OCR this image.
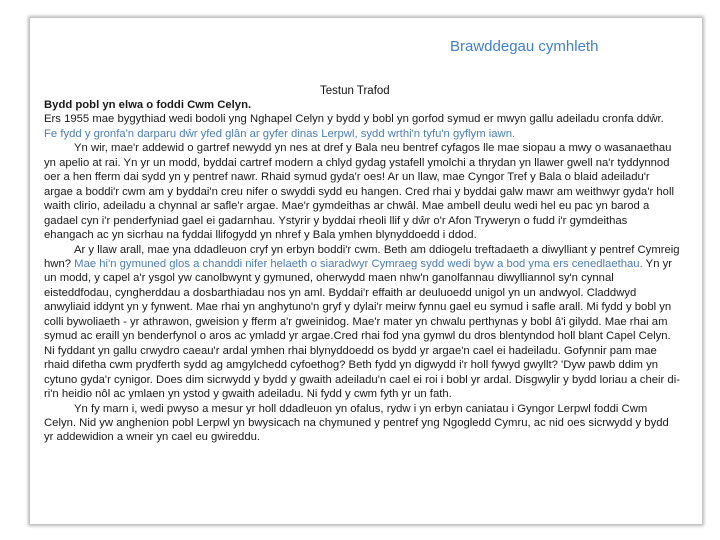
Brawddegau cymhleth
Testun Trafod

Bydd pobl yn elwa o foddi Cwm Celyn.

Ers 1955 mae bygythiad wedi bodoli yng Nghapel Celyn y bydd y bobl yn gorfod symud er mwyn gallu adeiladu cronfa ddŵr. Fe fydd y gronfa'n darparu dŵr yfed glân ar gyfer dinas Lerpwl, sydd wrthi'n tyfu'n gyflym iawn.

Yn wir, mae'r addewid o gartref newydd yn nes at dref y Bala neu bentref cyfagos lle mae siopau a mwy o wasanaethau yn apelio at rai. Yn yr un modd, byddai cartref modern a chlyd gydag ystafell ymolchi a thrydan yn llawer gwell na'r tyddynnod oer a hen fferm dai sydd yn y pentref nawr. Rhaid symud gyda'r oes! Ar un llaw, mae Cyngor Tref y Bala o blaid adeiladu'r argae a boddi'r cwm am y byddai'n creu nifer o swyddi sydd eu hangen. Cred rhai y byddai galw mawr am weithwyr gyda'r holl waith clirio, adeiladu a chynnal ar safle'r argae. Mae'r gymdeithas ar chwâl. Mae ambell deulu wedi hel eu pac yn barod a gadael cyn i'r penderfyniad gael ei gadarnhau. Ystyrir y byddai rheoli llif y dŵr o'r Afon Tryweryn o fudd i'r gymdeithas ehangach ac yn sicrhau na fyddai llifogydd yn nhref y Bala ymhen blynyddoedd i ddod.

Ar y llaw arall, mae yna ddadleuon cryf yn erbyn boddi'r cwm. Beth am ddiogelu treftadaeth a diwylliant y pentref Cymreig hwn? Mae hi'n gymuned glos a chanddi nifer helaeth o siaradwyr Cymraeg sydd wedi byw a bod yma ers cenedlaethau. Yn yr un modd, y capel a'r ysgol yw canolbwynt y gymuned, oherwydd maen nhw'n ganolfannau diwylliannol sy'n cynnal eisteddfodau, cyngherddau a dosbarthiadau nos yn aml. Byddai'r effaith ar deuluoedd unigol yn un andwyol. Claddwyd anwyliaid iddynt yn y fynwent. Mae rhai yn anghytuno'n gryf y dylai'r meirw fynnu gael eu symud i safle arall. Mi fydd y bobl yn colli bywoliaeth - yr athrawon, gweision y fferm a'r gweinidog. Mae'r mater yn chwalu perthynas y bobl â'i gilydd. Mae rhai am symud ac eraill yn benderfynol o aros ac ymladd yr argae.Cred rhai fod yna gymwl du dros blentyndod holl blant Capel Celyn. Ni fyddant yn gallu crwydro caeau'r ardal ymhen rhai blynyddoedd os bydd yr argae'n cael ei hadeiladu. Gofynnir pam mae rhaid difetha cwm prydferth sydd ag amgylchedd cyfoethog? Beth fydd yn digwydd i'r holl fywyd gwyllt? 'Dyw pawb ddim yn cytuno gyda'r cynigor. Does dim sicrwydd y bydd y gwaith adeiladu'n cael ei roi i bobl yr ardal. Disgwylir y bydd loriau a cheir di-ri'n heidio nôl ac ymlaen yn ystod y gwaith adeiladu. Ni fydd y cwm fyth yr un fath.

Yn fy marn i, wedi pwyso a mesur yr holl ddadleuon yn ofalus, rydw i yn erbyn caniatau i Gyngor Lerpwl foddi Cwm Celyn. Nid yw anghenion pobl Lerpwl yn bwysicach na chymuned y pentref yng Ngogledd Cymru, ac nid oes sicrwydd y bydd yr addewidion a wneir yn cael eu gwireddu.
